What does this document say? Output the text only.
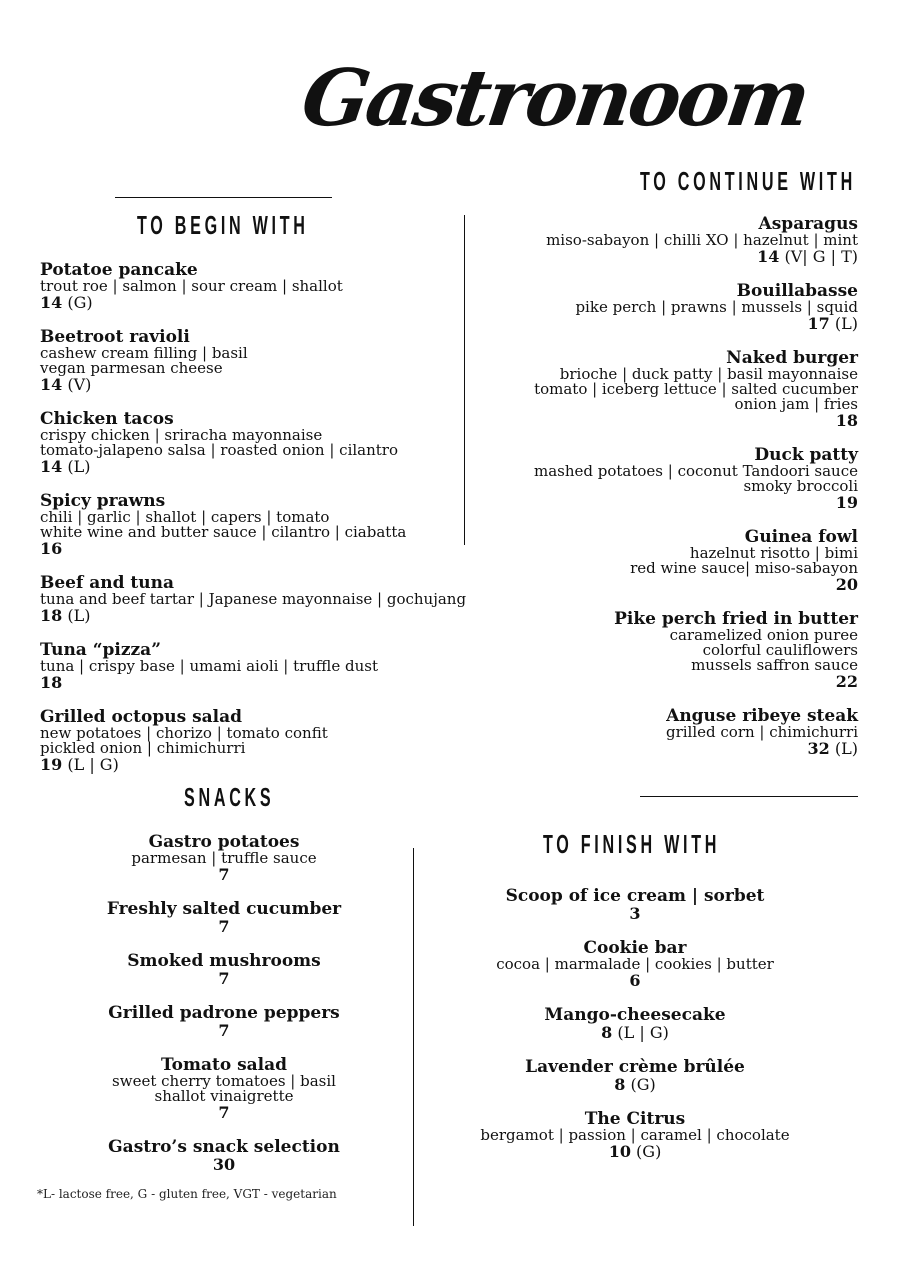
Gastronoom
TO BEGIN WITH
TO CONTINUE WITH
SNACKS
TO FINISH WITH
Potatoe pancake
trout roe | salmon | sour cream | shallot
14 (G)
Beetroot ravioli
cashew cream filling | basil
vegan parmesan cheese
14 (V)
Chicken tacos
crispy chicken | sriracha mayonnaise
tomato-jalapeno salsa | roasted onion | cilantro
14 (L)
Spicy prawns
chili | garlic | shallot | capers | tomato
white wine and butter sauce | cilantro | ciabatta
16
Beef and tuna
tuna and beef tartar | Japanese mayonnaise | gochujang
18 (L)
Tuna “pizza”
tuna | crispy base | umami aioli | truffle dust
18
Grilled octopus salad
new potatoes | chorizo | tomato confit
pickled onion | chimichurri
19 (L | G)
Asparagus
miso-sabayon | chilli XO | hazelnut | mint
14 (V| G | T)
Bouillabasse
pike perch | prawns | mussels | squid
17 (L)
Naked burger
brioche | duck patty | basil mayonnaise
tomato | iceberg lettuce | salted cucumber
onion jam | fries
18
Duck patty
mashed potatoes | coconut Tandoori sauce
smoky broccoli
19
Guinea fowl
hazelnut risotto | bimi
red wine sauce| miso-sabayon
20
Pike perch fried in butter
caramelized onion puree
colorful cauliflowers
mussels saffron sauce
22
Anguse ribeye steak
grilled corn | chimichurri
32 (L)
Gastro potatoes
parmesan | truffle sauce
7
Freshly salted cucumber
7
Smoked mushrooms
7
Grilled padrone peppers
7
Tomato salad
sweet cherry tomatoes | basil
shallot vinaigrette
7
Gastro’s snack selection
30
Scoop of ice cream | sorbet
3
Cookie bar
cocoa | marmalade | cookies | butter
6
Mango-cheesecake
8 (L | G)
Lavender crème brûlée
8 (G)
The Citrus
bergamot | passion | caramel | chocolate
10 (G)
*L- lactose free, G - gluten free, VGT - vegetarian
